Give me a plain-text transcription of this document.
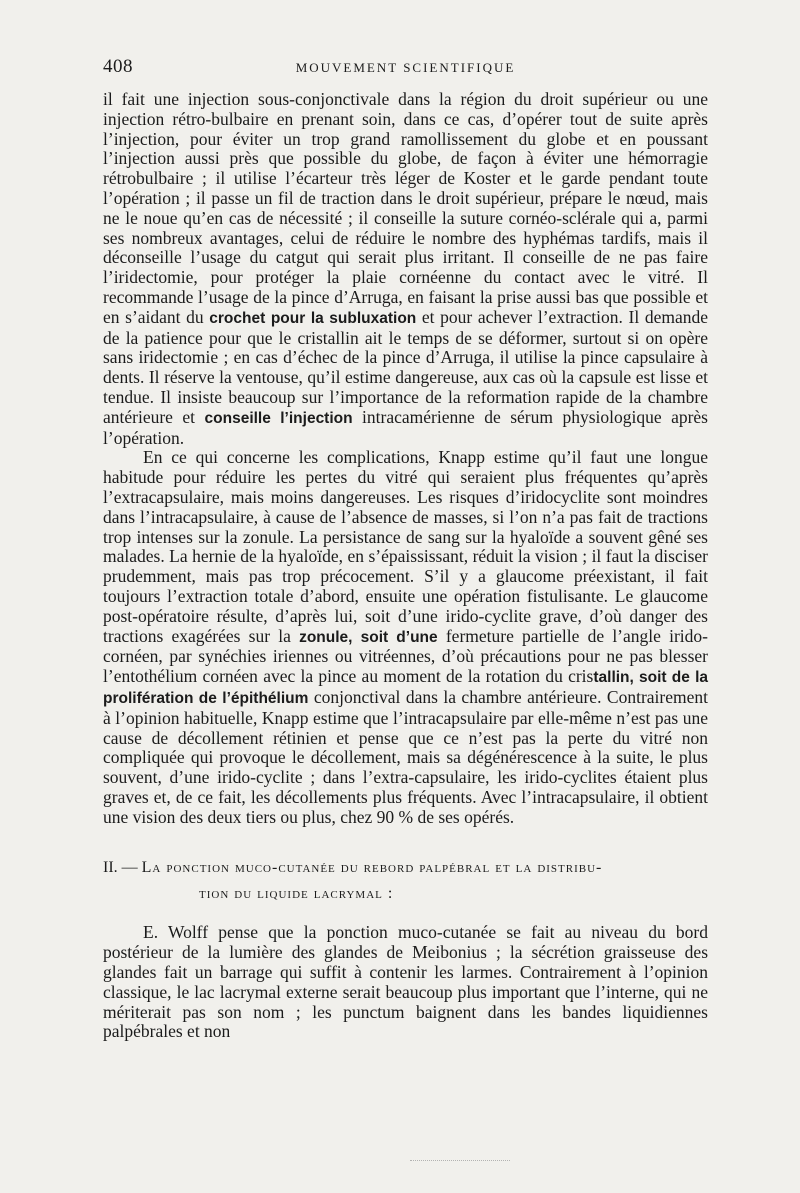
408	MOUVEMENT SCIENTIFIQUE

il fait une injection sous-conjonctivale dans la région du droit supérieur ou une injection rétro-bulbaire en prenant soin, dans ce cas, d’opérer tout de suite après l’injection, pour éviter un trop grand ramollissement du globe et en poussant l’injection aussi près que possible du globe, de façon à éviter une hémorragie rétrobulbaire ; il utilise l’écarteur très léger de Koster et le garde pendant toute l’opération ; il passe un fil de traction dans le droit supérieur, prépare le nœud, mais ne le noue qu’en cas de nécessité ; il conseille la suture cornéo-sclérale qui a, parmi ses nombreux avantages, celui de réduire le nombre des hyphémas tardifs, mais il déconseille l’usage du catgut qui serait plus irritant. Il conseille de ne pas faire l’iridectomie, pour protéger la plaie cornéenne du contact avec le vitré. Il recommande l’usage de la pince d’Arruga, en faisant la prise aussi bas que possible et en s’aidant du crochet pour la subluxation et pour achever l’extraction. Il demande de la patience pour que le cristallin ait le temps de se déformer, surtout si on opère sans iridectomie ; en cas d’échec de la pince d’Arruga, il utilise la pince capsulaire à dents. Il réserve la ventouse, qu’il estime dangereuse, aux cas où la capsule est lisse et tendue. Il insiste beaucoup sur l’importance de la reformation rapide de la chambre antérieure et conseille l’injection intracamérienne de sérum physiologique après l’opération.

En ce qui concerne les complications, Knapp estime qu’il faut une longue habitude pour réduire les pertes du vitré qui seraient plus fréquentes qu’après l’extracapsulaire, mais moins dangereuses. Les risques d’iridocyclite sont moindres dans l’intracapsulaire, à cause de l’absence de masses, si l’on n’a pas fait de tractions trop intenses sur la zonule. La persistance de sang sur la hyaloïde a souvent gêné ses malades. La hernie de la hyaloïde, en s’épaississant, réduit la vision ; il faut la disciser prudemment, mais pas trop précocement. S’il y a glaucome préexistant, il fait toujours l’extraction totale d’abord, ensuite une opération fistulisante. Le glaucome post-opératoire résulte, d’après lui, soit d’une irido-cyclite grave, d’où danger des tractions exagérées sur la zonule, soit d’une fermeture partielle de l’angle irido-cornéen, par synéchies iriennes ou vitréennes, d’où précautions pour ne pas blesser l’entothélium cornéen avec la pince au moment de la rotation du cristallin, soit de la prolifération de l’épithélium conjonctival dans la chambre antérieure. Contrairement à l’opinion habituelle, Knapp estime que l’intracapsulaire par elle-même n’est pas une cause de décollement rétinien et pense que ce n’est pas la perte du vitré non compliquée qui provoque le décollement, mais sa dégénérescence à la suite, le plus souvent, d’une irido-cyclite ; dans l’extra-capsulaire, les irido-cyclites étaient plus graves et, de ce fait, les décollements plus fréquents. Avec l’intracapsulaire, il obtient une vision des deux tiers ou plus, chez 90 % de ses opérés.

II. — La ponction muco-cutanée du rebord palpébral et la distribu-
tion du liquide lacrymal :

E. Wolff pense que la ponction muco-cutanée se fait au niveau du bord postérieur de la lumière des glandes de Meibonius ; la sécrétion graisseuse des glandes fait un barrage qui suffit à contenir les larmes. Contrairement à l’opinion classique, le lac lacrymal externe serait beaucoup plus important que l’interne, qui ne mériterait pas son nom ; les punctum baignent dans les bandes liquidiennes palpébrales et non
